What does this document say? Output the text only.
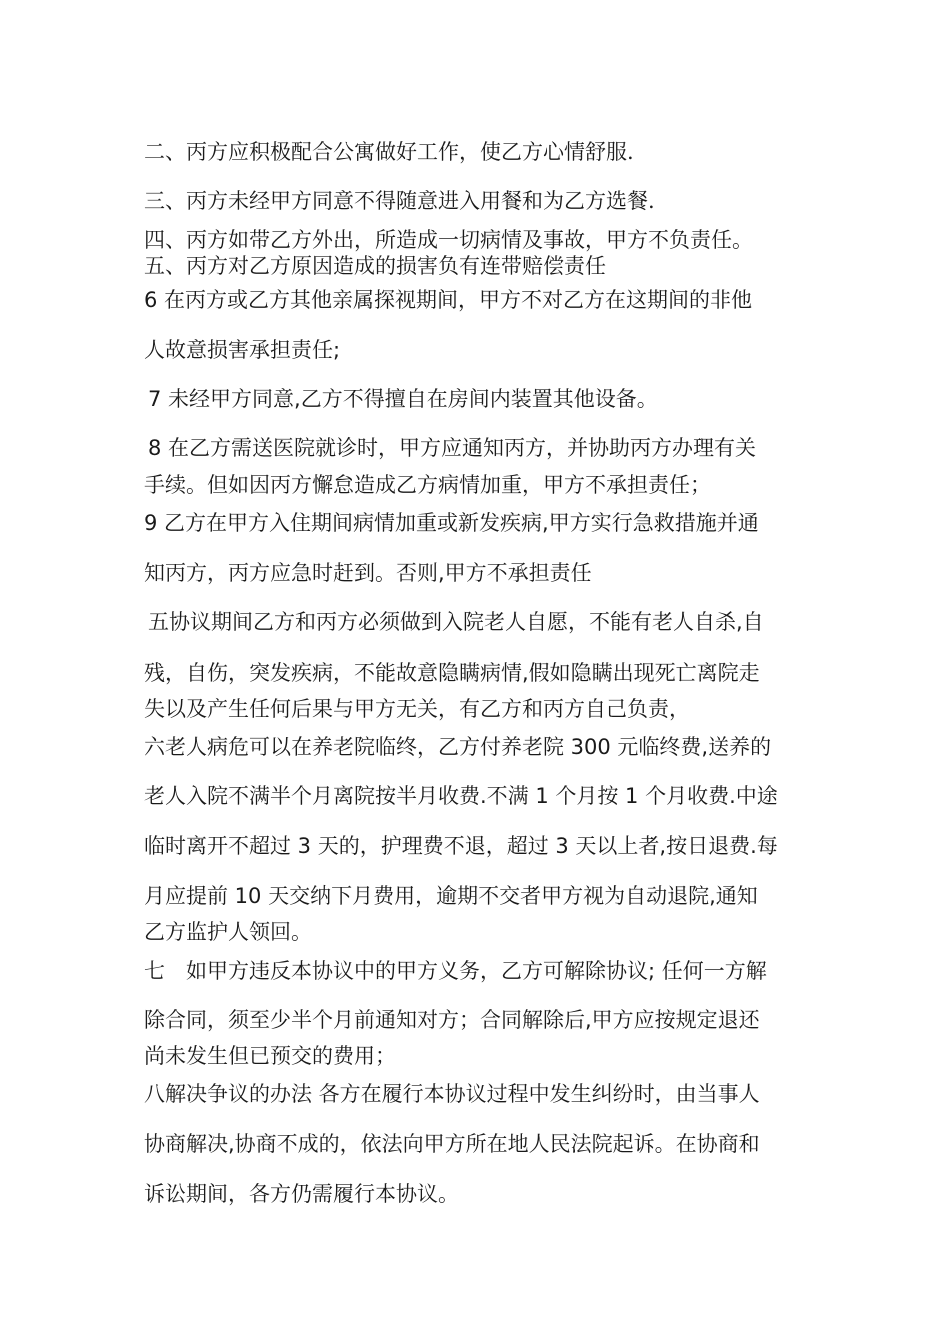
二、丙方应积极配合公寓做好工作，使乙方心情舒服.

三、丙方未经甲方同意不得随意进入用餐和为乙方选餐.

四、丙方如带乙方外出，所造成一切病情及事故，甲方不负责任。

五、丙方对乙方原因造成的损害负有连带赔偿责任

6 在丙方或乙方其他亲属探视期间，甲方不对乙方在这期间的非他

人故意损害承担责任;

7 未经甲方同意,乙方不得擅自在房间内装置其他设备。

8 在乙方需送医院就诊时，甲方应通知丙方，并协助丙方办理有关

手续。但如因丙方懈怠造成乙方病情加重，甲方不承担责任；

9 乙方在甲方入住期间病情加重或新发疾病,甲方实行急救措施并通

知丙方，丙方应急时赶到。否则,甲方不承担责任

五协议期间乙方和丙方必须做到入院老人自愿，不能有老人自杀,自

残，自伤，突发疾病，不能故意隐瞒病情,假如隐瞒出现死亡离院走

失以及产生任何后果与甲方无关，有乙方和丙方自己负责，

六老人病危可以在养老院临终，乙方付养老院 300 元临终费,送养的

老人入院不满半个月离院按半月收费.不满 1 个月按 1 个月收费.中途

临时离开不超过 3 天的，护理费不退，超过 3 天以上者,按日退费.每

月应提前 10 天交纳下月费用，逾期不交者甲方视为自动退院,通知

乙方监护人领回。

七　如甲方违反本协议中的甲方义务，乙方可解除协议; 任何一方解

除合同，须至少半个月前通知对方；合同解除后,甲方应按规定退还

尚未发生但已预交的费用；

八解决争议的办法 各方在履行本协议过程中发生纠纷时，由当事人

协商解决,协商不成的，依法向甲方所在地人民法院起诉。在协商和

诉讼期间，各方仍需履行本协议。
